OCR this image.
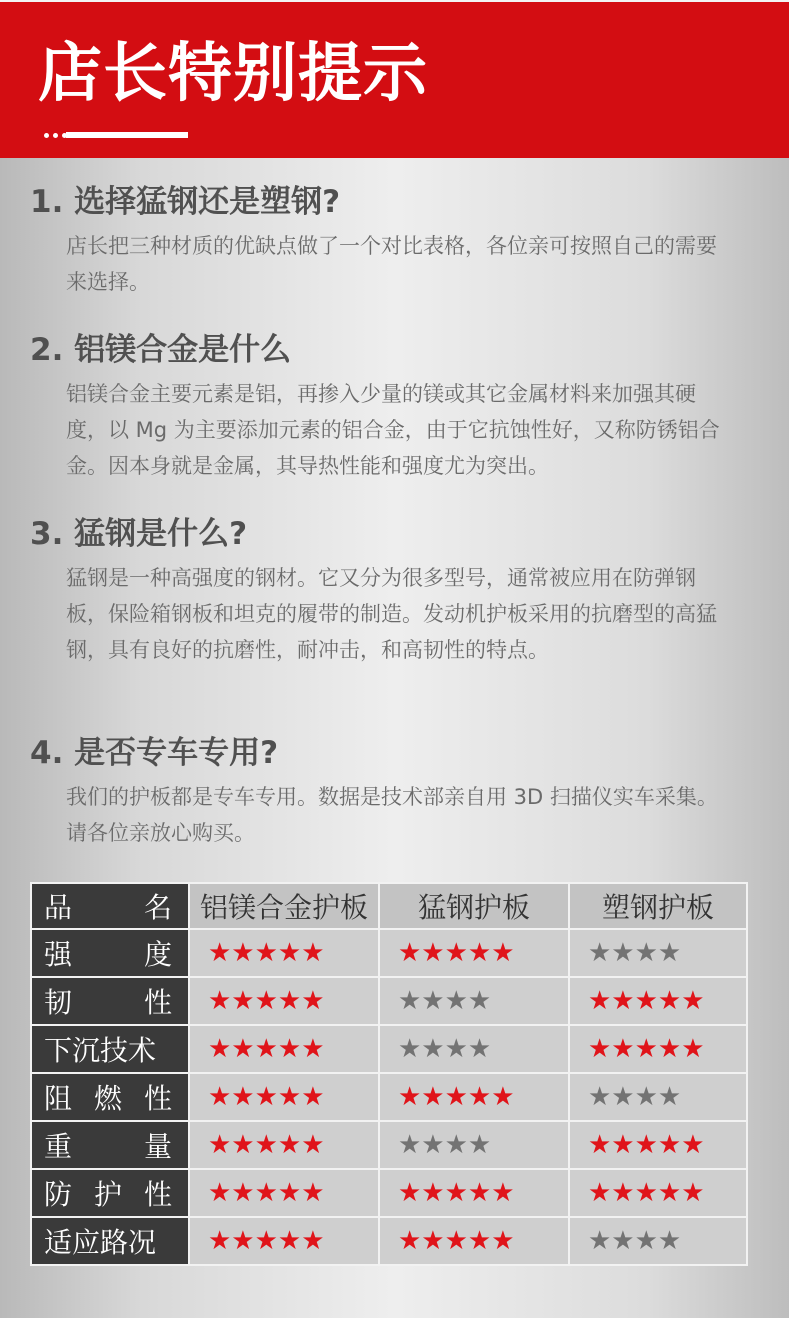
店长特别提示
1. 选择猛钢还是塑钢?

店长把三种材质的优缺点做了一个对比表格，各位亲可按照自己的需要来选择。

2. 铝镁合金是什么

铝镁合金主要元素是铝，再掺入少量的镁或其它金属材料来加强其硬度，以 Mg 为主要添加元素的铝合金，由于它抗蚀性好，又称防锈铝合金。因本身就是金属，其导热性能和强度尤为突出。

3. 猛钢是什么?

猛钢是一种高强度的钢材。它又分为很多型号，通常被应用在防弹钢板，保险箱钢板和坦克的履带的制造。发动机护板采用的抗磨型的高猛钢，具有良好的抗磨性，耐冲击，和高韧性的特点。

4. 是否专车专用?

我们的护板都是专车专用。数据是技术部亲自用 3D 扫描仪实车采集。请各位亲放心购买。

品 名	铝镁合金护板	猛钢护板	塑钢护板

强 度	★★★★★	★★★★★	★★★★

韧 性	★★★★★	★★★★	★★★★★

下沉技术	★★★★★	★★★★	★★★★★

阻 燃 性	★★★★★	★★★★★	★★★★

重 量	★★★★★	★★★★	★★★★★

防 护 性	★★★★★	★★★★★	★★★★★

适应路况	★★★★★	★★★★★	★★★★
